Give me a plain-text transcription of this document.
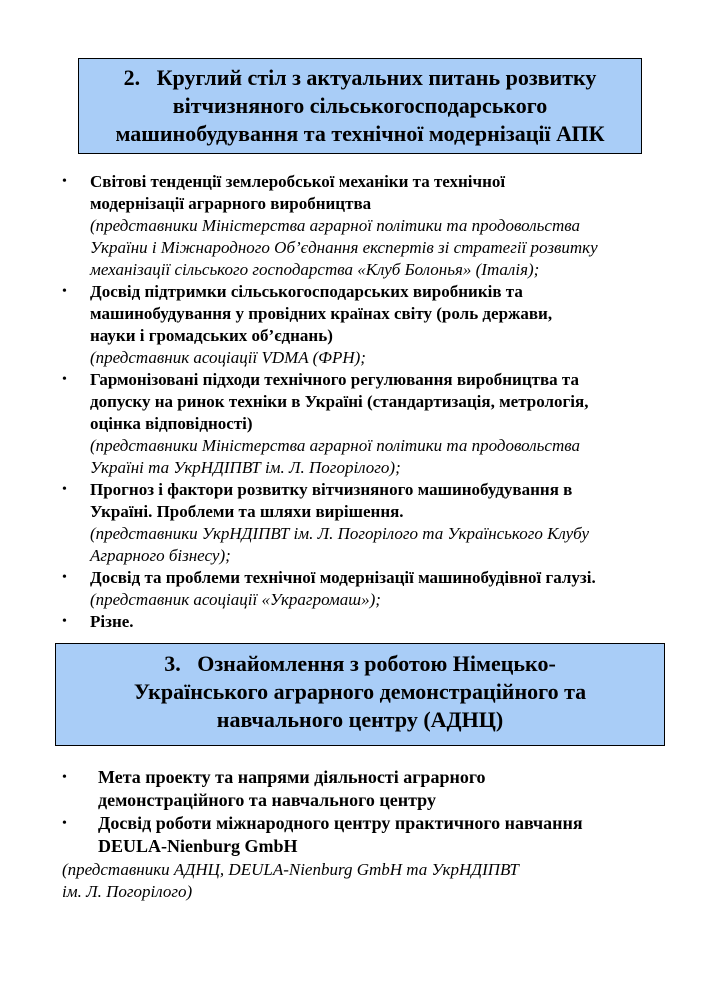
2. Круглий стіл з актуальних питань розвитку
вітчизняного сільськогосподарського
машинобудування та технічної модернізації АПК
• Світові тенденції землеробської механіки та технічної
модернізації аграрного виробництва
(представники Міністерства аграрної політики та продовольства
України і Міжнародного Об’єднання експертів зі стратегії розвитку
механізації сільського господарства «Клуб Болонья» (Італія);
• Досвід підтримки сільськогосподарських виробників та
машинобудування у провідних країнах світу (роль держави,
науки і громадських об’єднань)
(представник асоціації VDMA (ФРН);
• Гармонізовані підходи технічного регулювання виробництва та
допуску на ринок техніки в Україні (стандартизація, метрологія,
оцінка відповідності)
(представники Міністерства аграрної політики та продовольства
Україні та УкрНДІПВТ ім. Л. Погорілого);
• Прогноз і фактори розвитку вітчизняного машинобудування в
Україні. Проблеми та шляхи вирішення.
(представники УкрНДІПВТ ім. Л. Погорілого та Українського Клубу
Аграрного бізнесу);
• Досвід та проблеми технічної модернізації машинобудівної галузі.
(представник асоціації «Украгромаш»);
• Різне.
3. Ознайомлення з роботою Німецько-
Українського аграрного демонстраційного та
навчального центру (АДНЦ)
• Мета проекту та напрями діяльності аграрного
демонстраційного та навчального центру
• Досвід роботи міжнародного центру практичного навчання
DEULA-Nienburg GmbH
(представники АДНЦ, DEULA-Nienburg GmbH та УкрНДІПВТ
ім. Л. Погорілого)
